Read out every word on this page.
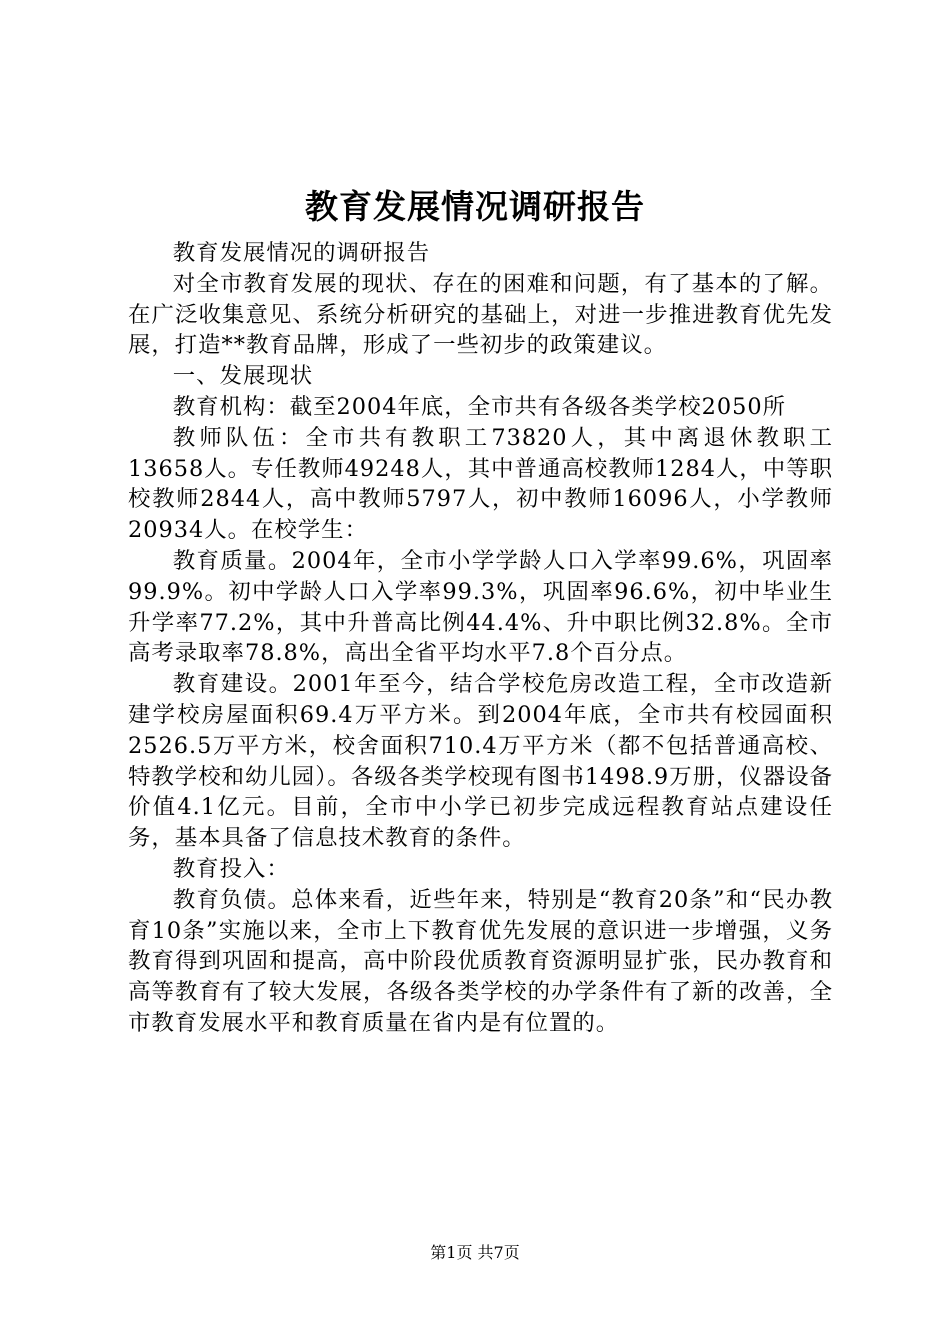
教育发展情况调研报告

教育发展情况的调研报告

对全市教育发展的现状、存在的困难和问题，有了基本的了解。在广泛收集意见、系统分析研究的基础上，对进一步推进教育优先发展，打造**教育品牌，形成了一些初步的政策建议。

一、发展现状

教育机构：截至2004年底，全市共有各级各类学校2050所

教师队伍：全市共有教职工73820人，其中离退休教职工13658人。专任教师49248人，其中普通高校教师1284人，中等职校教师2844人，高中教师5797人，初中教师16096人，小学教师20934人。在校学生：

教育质量。2004年，全市小学学龄人口入学率99.6%，巩固率99.9%。初中学龄人口入学率99.3%，巩固率96.6%，初中毕业生升学率77.2%，其中升普高比例44.4%、升中职比例32.8%。全市高考录取率78.8%，高出全省平均水平7.8个百分点。

教育建设。2001年至今，结合学校危房改造工程，全市改造新建学校房屋面积69.4万平方米。到2004年底，全市共有校园面积2526.5万平方米，校舍面积710.4万平方米（都不包括普通高校、特教学校和幼儿园）。各级各类学校现有图书1498.9万册，仪器设备价值4.1亿元。目前，全市中小学已初步完成远程教育站点建设任务，基本具备了信息技术教育的条件。

教育投入：

教育负债。总体来看，近些年来，特别是“教育20条”和“民办教育10条”实施以来，全市上下教育优先发展的意识进一步增强，义务教育得到巩固和提高，高中阶段优质教育资源明显扩张，民办教育和高等教育有了较大发展，各级各类学校的办学条件有了新的改善，全市教育发展水平和教育质量在省内是有位置的。

第1页 共7页
